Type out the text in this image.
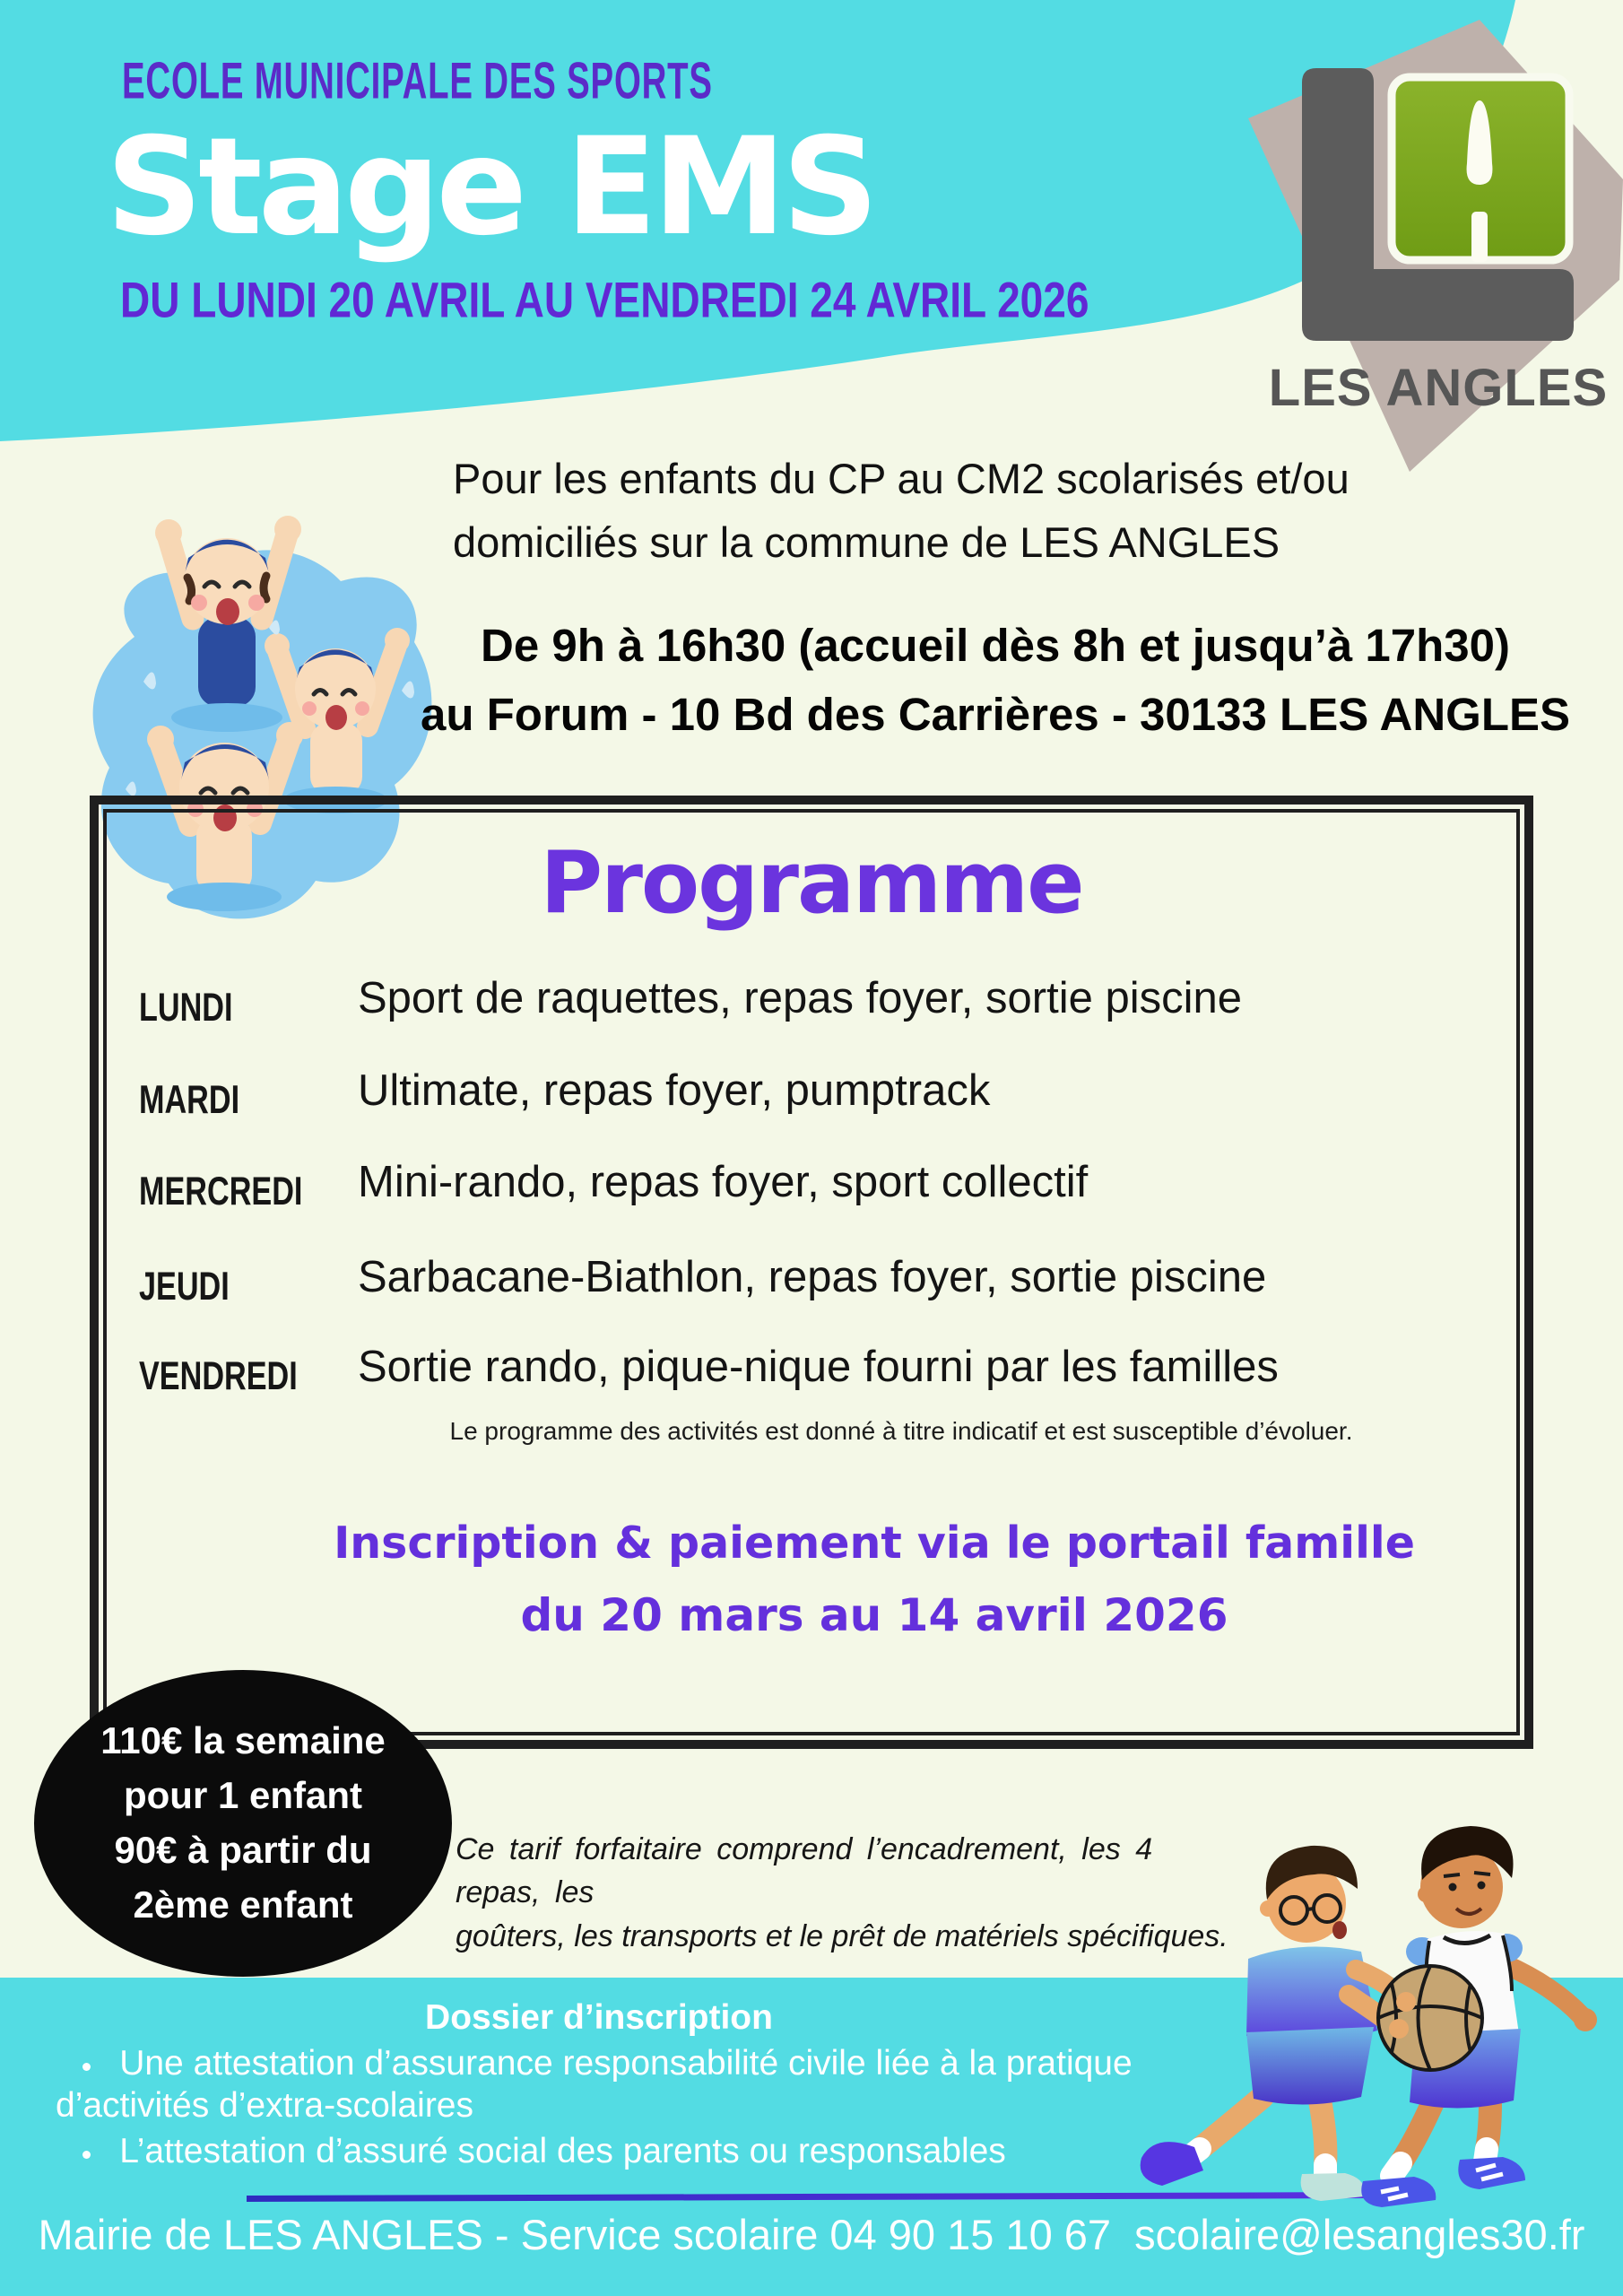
LES ANGLES
ECOLE MUNICIPALE DES SPORTS
Stage EMS
DU LUNDI 20 AVRIL AU VENDREDI 24 AVRIL 2026
Pour les enfants du CP au CM2 scolarisés et/ou
domiciliés sur la commune de LES ANGLES
De 9h à 16h30 (accueil dès 8h et jusqu’à 17h30)
au Forum - 10 Bd des Carrières - 30133 LES ANGLES
Programme
LUNDI	Sport de raquettes, repas foyer, sortie piscine
MARDI	Ultimate, repas foyer, pumptrack
MERCREDI Mini-rando, repas foyer, sport collectif
JEUDI	Sarbacane-Biathlon, repas foyer, sortie piscine
VENDREDI Sortie rando, pique-nique fourni par les familles
Le programme des activités est donné à titre indicatif et est susceptible d’évoluer.
Inscription & paiement via le portail famille
du 20 mars au 14 avril 2026
110€ la semaine
pour 1 enfant
90€ à partir du
2ème enfant
Ce tarif forfaitaire comprend l’encadrement, les 4 repas, les
goûters, les transports et le prêt de matériels spécifiques.
Dossier d’inscription
• Une attestation d’assurance responsabilité civile liée à la pratique d’activités d’extra-scolaires
• L’attestation d’assuré social des parents ou responsables
Mairie de LES ANGLES - Service scolaire 04 90 15 10 67  scolaire@lesangles30.fr
